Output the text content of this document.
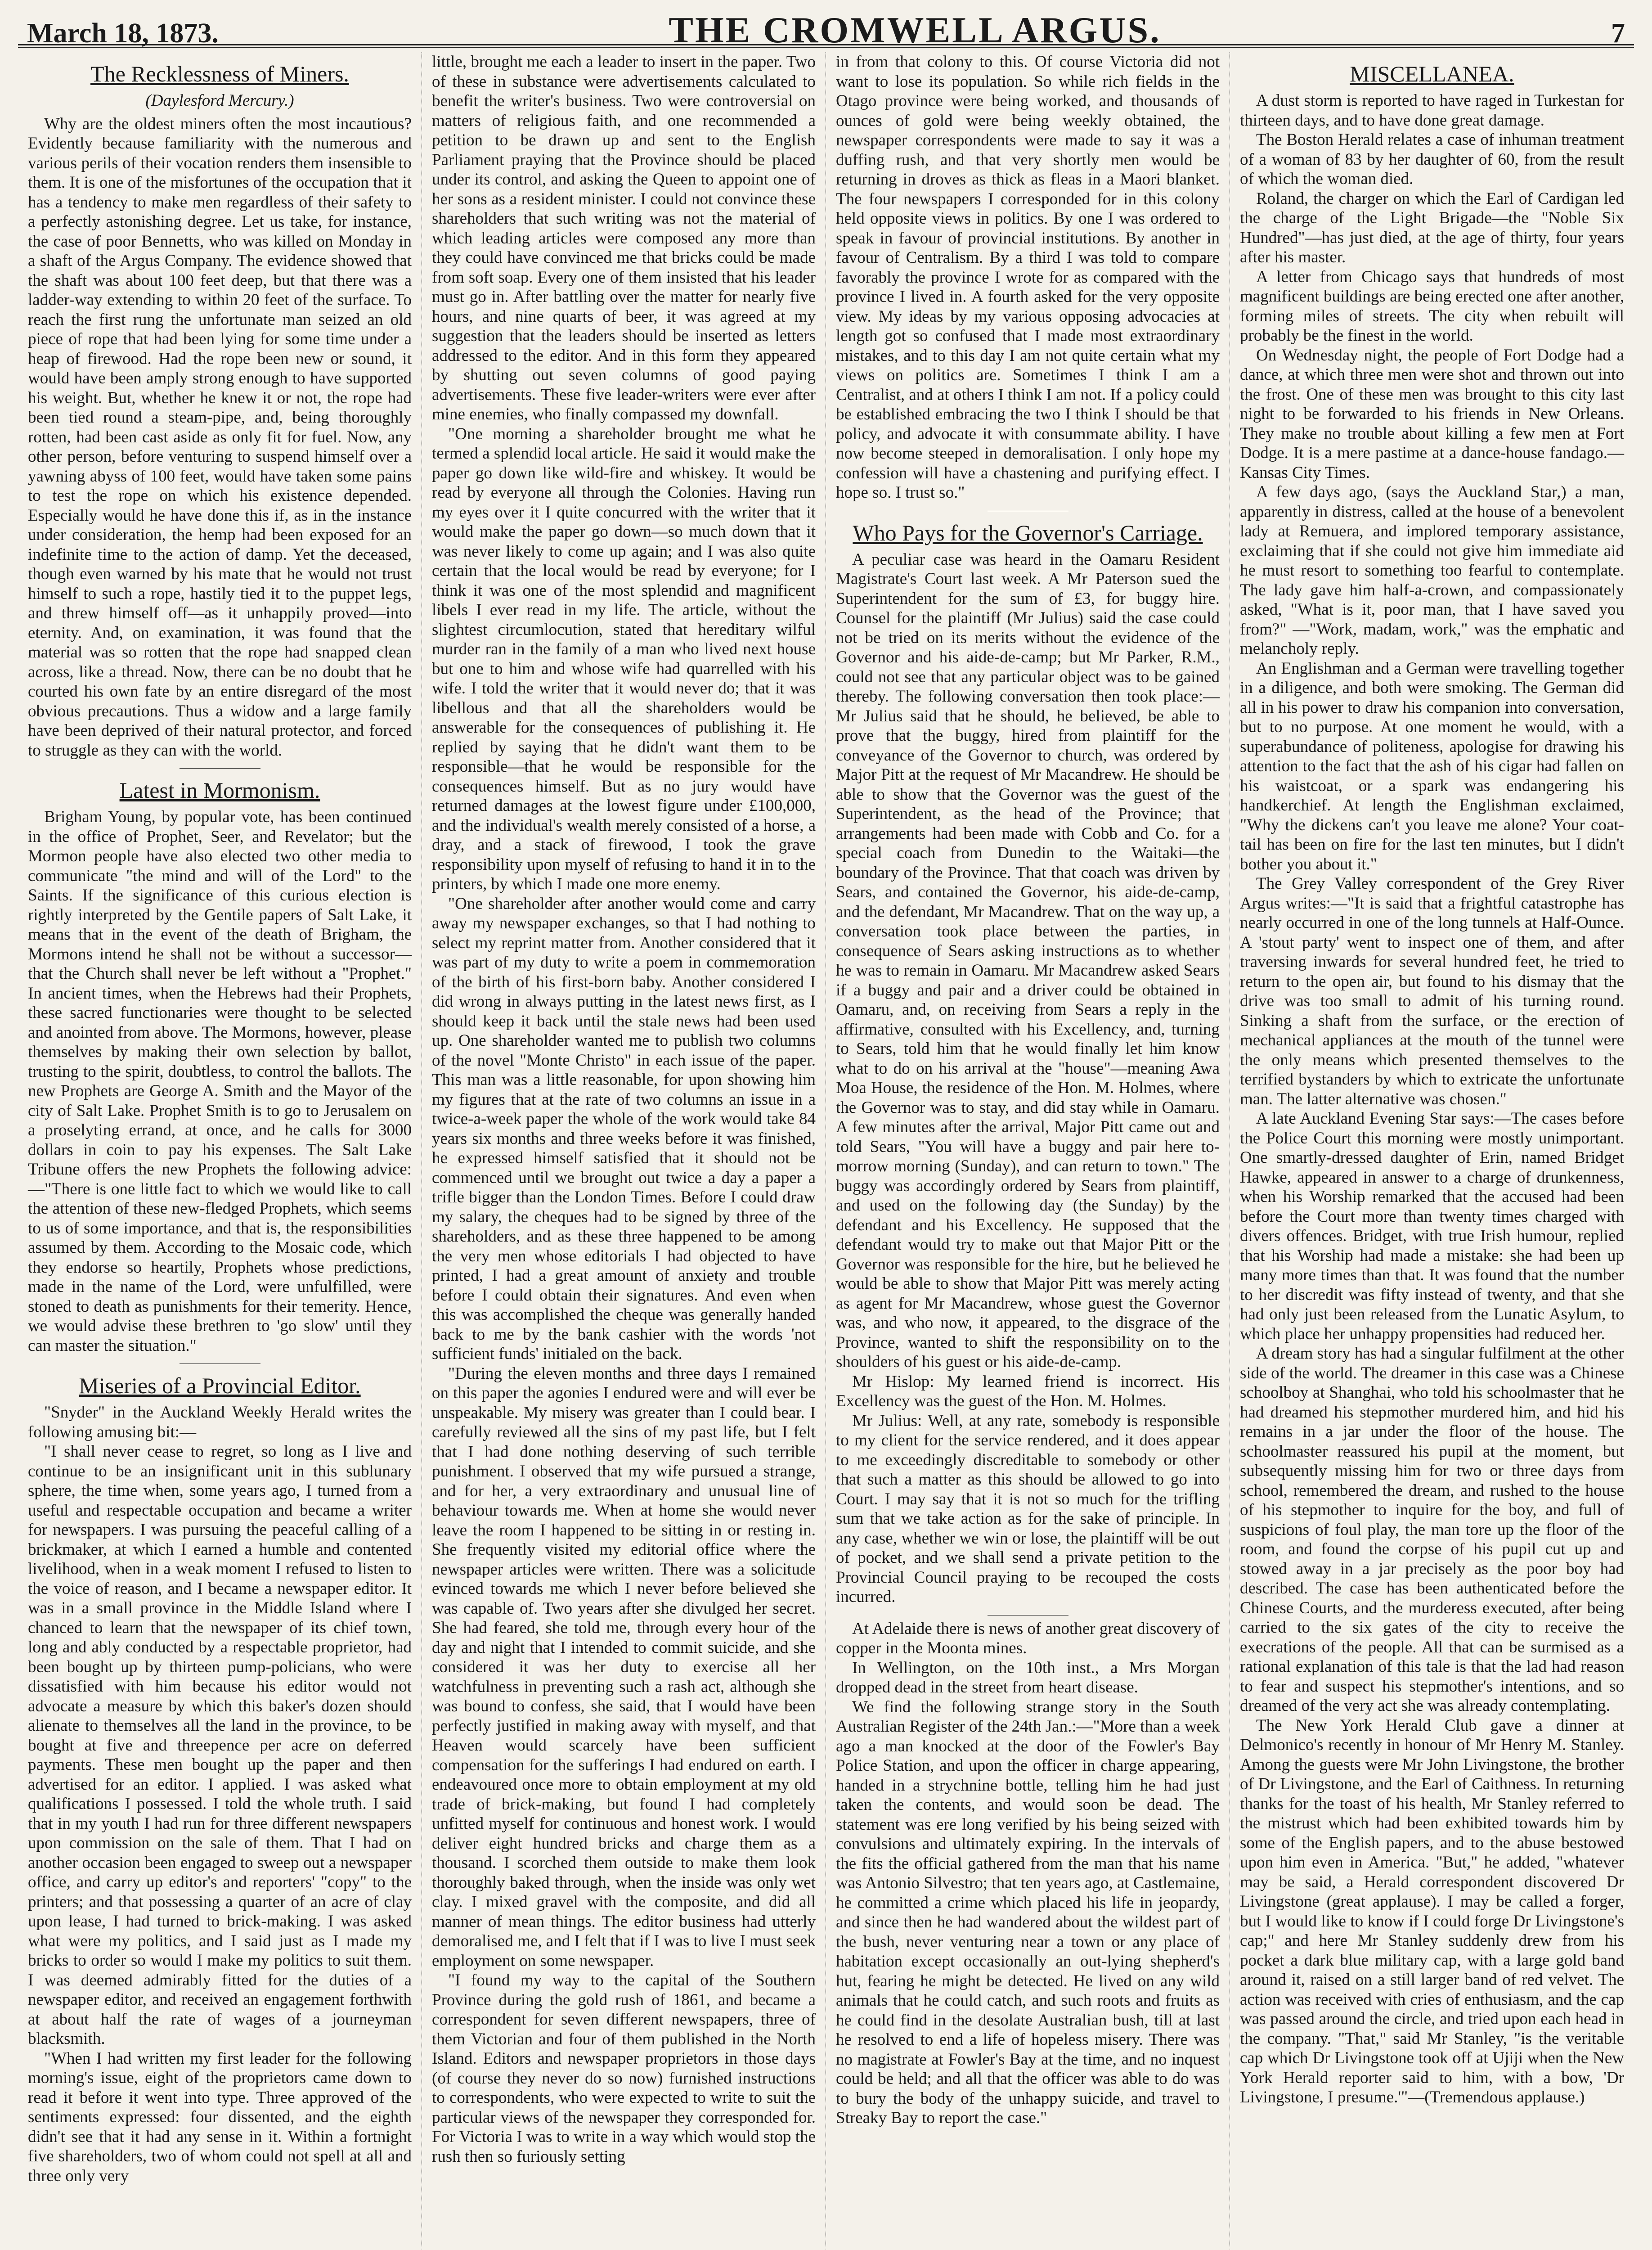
March 18, 1873.	THE CROMWELL ARGUS.	7
The Recklessness of Miners.
(Daylesford Mercury.)

Why are the oldest miners often the most incautious? Evidently because familiarity with the numerous and various perils of their vocation renders them insensible to them. It is one of the misfortunes of the occupation that it has a tendency to make men regardless of their safety to a perfectly astonishing degree. Let us take, for instance, the case of poor Bennetts, who was killed on Monday in a shaft of the Argus Company. The evidence showed that the shaft was about 100 feet deep, but that there was a ladder-way extending to within 20 feet of the surface. To reach the first rung the unfortunate man seized an old piece of rope that had been lying for some time under a heap of firewood. Had the rope been new or sound, it would have been amply strong enough to have supported his weight. But, whether he knew it or not, the rope had been tied round a steam-pipe, and, being thoroughly rotten, had been cast aside as only fit for fuel. Now, any other person, before venturing to suspend himself over a yawning abyss of 100 feet, would have taken some pains to test the rope on which his existence depended. Especially would he have done this if, as in the instance under consideration, the hemp had been exposed for an indefinite time to the action of damp. Yet the deceased, though even warned by his mate that he would not trust himself to such a rope, hastily tied it to the puppet legs, and threw himself off—as it unhappily proved—into eternity. And, on examination, it was found that the material was so rotten that the rope had snapped clean across, like a thread. Now, there can be no doubt that he courted his own fate by an entire disregard of the most obvious precautions. Thus a widow and a large family have been deprived of their natural protector, and forced to struggle as they can with the world.

Latest in Mormonism.

Brigham Young, by popular vote, has been continued in the office of Prophet, Seer, and Revelator; but the Mormon people have also elected two other media to communicate "the mind and will of the Lord" to the Saints. If the significance of this curious election is rightly interpreted by the Gentile papers of Salt Lake, it means that in the event of the death of Brigham, the Mormons intend he shall not be without a successor—that the Church shall never be left without a "Prophet." In ancient times, when the Hebrews had their Prophets, these sacred functionaries were thought to be selected and anointed from above. The Mormons, however, please themselves by making their own selection by ballot, trusting to the spirit, doubtless, to control the ballots. The new Prophets are George A. Smith and the Mayor of the city of Salt Lake. Prophet Smith is to go to Jerusalem on a proselyting errand, at once, and he calls for 3000 dollars in coin to pay his expenses. The Salt Lake Tribune offers the new Prophets the following advice: —"There is one little fact to which we would like to call the attention of these new-fledged Prophets, which seems to us of some importance, and that is, the responsibilities assumed by them. According to the Mosaic code, which they endorse so heartily, Prophets whose predictions, made in the name of the Lord, were unfulfilled, were stoned to death as punishments for their temerity. Hence, we would advise these brethren to 'go slow' until they can master the situation."

Miseries of a Provincial Editor.

"Snyder" in the Auckland Weekly Herald writes the following amusing bit:—

"I shall never cease to regret, so long as I live and continue to be an insignificant unit in this sublunary sphere, the time when, some years ago, I turned from a useful and respectable occupation and became a writer for newspapers. I was pursuing the peaceful calling of a brickmaker, at which I earned a humble and contented livelihood, when in a weak moment I refused to listen to the voice of reason, and I became a newspaper editor. It was in a small province in the Middle Island where I chanced to learn that the newspaper of its chief town, long and ably conducted by a respectable proprietor, had been bought up by thirteen pump-policians, who were dissatisfied with him because his editor would not advocate a measure by which this baker's dozen should alienate to themselves all the land in the province, to be bought at five and threepence per acre on deferred payments. These men bought up the paper and then advertised for an editor. I applied. I was asked what qualifications I possessed. I told the whole truth. I said that in my youth I had run for three different newspapers upon commission on the sale of them. That I had on another occasion been engaged to sweep out a newspaper office, and carry up editor's and reporters' "copy" to the printers; and that possessing a quarter of an acre of clay upon lease, I had turned to brick-making. I was asked what were my politics, and I said just as I made my bricks to order so would I make my politics to suit them. I was deemed admirably fitted for the duties of a newspaper editor, and received an engagement forthwith at about half the rate of wages of a journeyman blacksmith.

"When I had written my first leader for the following morning's issue, eight of the proprietors came down to read it before it went into type. Three approved of the sentiments expressed: four dissented, and the eighth didn't see that it had any sense in it. Within a fortnight five shareholders, two of whom could not spell at all and three only very

little, brought me each a leader to insert in the paper. Two of these in substance were advertisements calculated to benefit the writer's business. Two were controversial on matters of religious faith, and one recommended a petition to be drawn up and sent to the English Parliament praying that the Province should be placed under its control, and asking the Queen to appoint one of her sons as a resident minister. I could not convince these shareholders that such writing was not the material of which leading articles were composed any more than they could have convinced me that bricks could be made from soft soap. Every one of them insisted that his leader must go in. After battling over the matter for nearly five hours, and nine quarts of beer, it was agreed at my suggestion that the leaders should be inserted as letters addressed to the editor. And in this form they appeared by shutting out seven columns of good paying advertisements. These five leader-writers were ever after mine enemies, who finally compassed my downfall.

"One morning a shareholder brought me what he termed a splendid local article. He said it would make the paper go down like wild-fire and whiskey. It would be read by everyone all through the Colonies. Having run my eyes over it I quite concurred with the writer that it would make the paper go down—so much down that it was never likely to come up again; and I was also quite certain that the local would be read by everyone; for I think it was one of the most splendid and magnificent libels I ever read in my life. The article, without the slightest circumlocution, stated that hereditary wilful murder ran in the family of a man who lived next house but one to him and whose wife had quarrelled with his wife. I told the writer that it would never do; that it was libellous and that all the shareholders would be answerable for the consequences of publishing it. He replied by saying that he didn't want them to be responsible—that he would be responsible for the consequences himself. But as no jury would have returned damages at the lowest figure under £100,000, and the individual's wealth merely consisted of a horse, a dray, and a stack of firewood, I took the grave responsibility upon myself of refusing to hand it in to the printers, by which I made one more enemy.

"One shareholder after another would come and carry away my newspaper exchanges, so that I had nothing to select my reprint matter from. Another considered that it was part of my duty to write a poem in commemoration of the birth of his first-born baby. Another considered I did wrong in always putting in the latest news first, as I should keep it back until the stale news had been used up. One shareholder wanted me to publish two columns of the novel "Monte Christo" in each issue of the paper. This man was a little reasonable, for upon showing him my figures that at the rate of two columns an issue in a twice-a-week paper the whole of the work would take 84 years six months and three weeks before it was finished, he expressed himself satisfied that it should not be commenced until we brought out twice a day a paper a trifle bigger than the London Times. Before I could draw my salary, the cheques had to be signed by three of the shareholders, and as these three happened to be among the very men whose editorials I had objected to have printed, I had a great amount of anxiety and trouble before I could obtain their signatures. And even when this was accomplished the cheque was generally handed back to me by the bank cashier with the words 'not sufficient funds' initialed on the back.

"During the eleven months and three days I remained on this paper the agonies I endured were and will ever be unspeakable. My misery was greater than I could bear. I carefully reviewed all the sins of my past life, but I felt that I had done nothing deserving of such terrible punishment. I observed that my wife pursued a strange, and for her, a very extraordinary and unusual line of behaviour towards me. When at home she would never leave the room I happened to be sitting in or resting in. She frequently visited my editorial office where the newspaper articles were written. There was a solicitude evinced towards me which I never before believed she was capable of. Two years after she divulged her secret. She had feared, she told me, through every hour of the day and night that I intended to commit suicide, and she considered it was her duty to exercise all her watchfulness in preventing such a rash act, although she was bound to confess, she said, that I would have been perfectly justified in making away with myself, and that Heaven would scarcely have been sufficient compensation for the sufferings I had endured on earth. I endeavoured once more to obtain employment at my old trade of brick-making, but found I had completely unfitted myself for continuous and honest work. I would deliver eight hundred bricks and charge them as a thousand. I scorched them outside to make them look thoroughly baked through, when the inside was only wet clay. I mixed gravel with the composite, and did all manner of mean things. The editor business had utterly demoralised me, and I felt that if I was to live I must seek employment on some newspaper.

"I found my way to the capital of the Southern Province during the gold rush of 1861, and became a correspondent for seven different newspapers, three of them Victorian and four of them published in the North Island. Editors and newspaper proprietors in those days (of course they never do so now) furnished instructions to correspondents, who were expected to write to suit the particular views of the newspaper they corresponded for. For Victoria I was to write in a way which would stop the rush then so furiously setting

in from that colony to this. Of course Victoria did not want to lose its population. So while rich fields in the Otago province were being worked, and thousands of ounces of gold were being weekly obtained, the newspaper correspondents were made to say it was a duffing rush, and that very shortly men would be returning in droves as thick as fleas in a Maori blanket. The four newspapers I corresponded for in this colony held opposite views in politics. By one I was ordered to speak in favour of provincial institutions. By another in favour of Centralism. By a third I was told to compare favorably the province I wrote for as compared with the province I lived in. A fourth asked for the very opposite view. My ideas by my various opposing advocacies at length got so confused that I made most extraordinary mistakes, and to this day I am not quite certain what my views on politics are. Sometimes I think I am a Centralist, and at others I think I am not. If a policy could be established embracing the two I think I should be that policy, and advocate it with consummate ability. I have now become steeped in demoralisation. I only hope my confession will have a chastening and purifying effect. I hope so. I trust so."

Who Pays for the Governor's Carriage.

A peculiar case was heard in the Oamaru Resident Magistrate's Court last week. A Mr Paterson sued the Superintendent for the sum of £3, for buggy hire. Counsel for the plaintiff (Mr Julius) said the case could not be tried on its merits without the evidence of the Governor and his aide-de-camp; but Mr Parker, R.M., could not see that any particular object was to be gained thereby. The following conversation then took place:—Mr Julius said that he should, he believed, be able to prove that the buggy, hired from plaintiff for the conveyance of the Governor to church, was ordered by Major Pitt at the request of Mr Macandrew. He should be able to show that the Governor was the guest of the Superintendent, as the head of the Province; that arrangements had been made with Cobb and Co. for a special coach from Dunedin to the Waitaki—the boundary of the Province. That that coach was driven by Sears, and contained the Governor, his aide-de-camp, and the defendant, Mr Macandrew. That on the way up, a conversation took place between the parties, in consequence of Sears asking instructions as to whether he was to remain in Oamaru. Mr Macandrew asked Sears if a buggy and pair and a driver could be obtained in Oamaru, and, on receiving from Sears a reply in the affirmative, consulted with his Excellency, and, turning to Sears, told him that he would finally let him know what to do on his arrival at the "house"—meaning Awa Moa House, the residence of the Hon. M. Holmes, where the Governor was to stay, and did stay while in Oamaru. A few minutes after the arrival, Major Pitt came out and told Sears, "You will have a buggy and pair here to-morrow morning (Sunday), and can return to town." The buggy was accordingly ordered by Sears from plaintiff, and used on the following day (the Sunday) by the defendant and his Excellency. He supposed that the defendant would try to make out that Major Pitt or the Governor was responsible for the hire, but he believed he would be able to show that Major Pitt was merely acting as agent for Mr Macandrew, whose guest the Governor was, and who now, it appeared, to the disgrace of the Province, wanted to shift the responsibility on to the shoulders of his guest or his aide-de-camp.

Mr Hislop: My learned friend is incorrect. His Excellency was the guest of the Hon. M. Holmes.

Mr Julius: Well, at any rate, somebody is responsible to my client for the service rendered, and it does appear to me exceedingly discreditable to somebody or other that such a matter as this should be allowed to go into Court. I may say that it is not so much for the trifling sum that we take action as for the sake of principle. In any case, whether we win or lose, the plaintiff will be out of pocket, and we shall send a private petition to the Provincial Council praying to be recouped the costs incurred.

At Adelaide there is news of another great discovery of copper in the Moonta mines.

In Wellington, on the 10th inst., a Mrs Morgan dropped dead in the street from heart disease.

We find the following strange story in the South Australian Register of the 24th Jan.:—"More than a week ago a man knocked at the door of the Fowler's Bay Police Station, and upon the officer in charge appearing, handed in a strychnine bottle, telling him he had just taken the contents, and would soon be dead. The statement was ere long verified by his being seized with convulsions and ultimately expiring. In the intervals of the fits the official gathered from the man that his name was Antonio Silvestro; that ten years ago, at Castlemaine, he committed a crime which placed his life in jeopardy, and since then he had wandered about the wildest part of the bush, never venturing near a town or any place of habitation except occasionally an out-lying shepherd's hut, fearing he might be detected. He lived on any wild animals that he could catch, and such roots and fruits as he could find in the desolate Australian bush, till at last he resolved to end a life of hopeless misery. There was no magistrate at Fowler's Bay at the time, and no inquest could be held; and all that the officer was able to do was to bury the body of the unhappy suicide, and travel to Streaky Bay to report the case."

MISCELLANEA.

A dust storm is reported to have raged in Turkestan for thirteen days, and to have done great damage.

The Boston Herald relates a case of inhuman treatment of a woman of 83 by her daughter of 60, from the result of which the woman died.

Roland, the charger on which the Earl of Cardigan led the charge of the Light Brigade—the "Noble Six Hundred"—has just died, at the age of thirty, four years after his master.

A letter from Chicago says that hundreds of most magnificent buildings are being erected one after another, forming miles of streets. The city when rebuilt will probably be the finest in the world.

On Wednesday night, the people of Fort Dodge had a dance, at which three men were shot and thrown out into the frost. One of these men was brought to this city last night to be forwarded to his friends in New Orleans. They make no trouble about killing a few men at Fort Dodge. It is a mere pastime at a dance-house fandago.—Kansas City Times.

A few days ago, (says the Auckland Star,) a man, apparently in distress, called at the house of a benevolent lady at Remuera, and implored temporary assistance, exclaiming that if she could not give him immediate aid he must resort to something too fearful to contemplate. The lady gave him half-a-crown, and compassionately asked, "What is it, poor man, that I have saved you from?" —"Work, madam, work," was the emphatic and melancholy reply.

An Englishman and a German were travelling together in a diligence, and both were smoking. The German did all in his power to draw his companion into conversation, but to no purpose. At one moment he would, with a superabundance of politeness, apologise for drawing his attention to the fact that the ash of his cigar had fallen on his waistcoat, or a spark was endangering his handkerchief. At length the Englishman exclaimed, "Why the dickens can't you leave me alone? Your coat-tail has been on fire for the last ten minutes, but I didn't bother you about it."

The Grey Valley correspondent of the Grey River Argus writes:—"It is said that a frightful catastrophe has nearly occurred in one of the long tunnels at Half-Ounce. A 'stout party' went to inspect one of them, and after traversing inwards for several hundred feet, he tried to return to the open air, but found to his dismay that the drive was too small to admit of his turning round. Sinking a shaft from the surface, or the erection of mechanical appliances at the mouth of the tunnel were the only means which presented themselves to the terrified bystanders by which to extricate the unfortunate man. The latter alternative was chosen."

A late Auckland Evening Star says:—The cases before the Police Court this morning were mostly unimportant. One smartly-dressed daughter of Erin, named Bridget Hawke, appeared in answer to a charge of drunkenness, when his Worship remarked that the accused had been before the Court more than twenty times charged with divers offences. Bridget, with true Irish humour, replied that his Worship had made a mistake: she had been up many more times than that. It was found that the number to her discredit was fifty instead of twenty, and that she had only just been released from the Lunatic Asylum, to which place her unhappy propensities had reduced her.

A dream story has had a singular fulfilment at the other side of the world. The dreamer in this case was a Chinese schoolboy at Shanghai, who told his schoolmaster that he had dreamed his stepmother murdered him, and hid his remains in a jar under the floor of the house. The schoolmaster reassured his pupil at the moment, but subsequently missing him for two or three days from school, remembered the dream, and rushed to the house of his stepmother to inquire for the boy, and full of suspicions of foul play, the man tore up the floor of the room, and found the corpse of his pupil cut up and stowed away in a jar precisely as the poor boy had described. The case has been authenticated before the Chinese Courts, and the murderess executed, after being carried to the six gates of the city to receive the execrations of the people. All that can be surmised as a rational explanation of this tale is that the lad had reason to fear and suspect his stepmother's intentions, and so dreamed of the very act she was already contemplating.

The New York Herald Club gave a dinner at Delmonico's recently in honour of Mr Henry M. Stanley. Among the guests were Mr John Livingstone, the brother of Dr Livingstone, and the Earl of Caithness. In returning thanks for the toast of his health, Mr Stanley referred to the mistrust which had been exhibited towards him by some of the English papers, and to the abuse bestowed upon him even in America. "But," he added, "whatever may be said, a Herald correspondent discovered Dr Livingstone (great applause). I may be called a forger, but I would like to know if I could forge Dr Livingstone's cap;" and here Mr Stanley suddenly drew from his pocket a dark blue military cap, with a large gold band around it, raised on a still larger band of red velvet. The action was received with cries of enthusiasm, and the cap was passed around the circle, and tried upon each head in the company. "That," said Mr Stanley, "is the veritable cap which Dr Livingstone took off at Ujiji when the New York Herald reporter said to him, with a bow, 'Dr Livingstone, I presume.'"—(Tremendous applause.)
